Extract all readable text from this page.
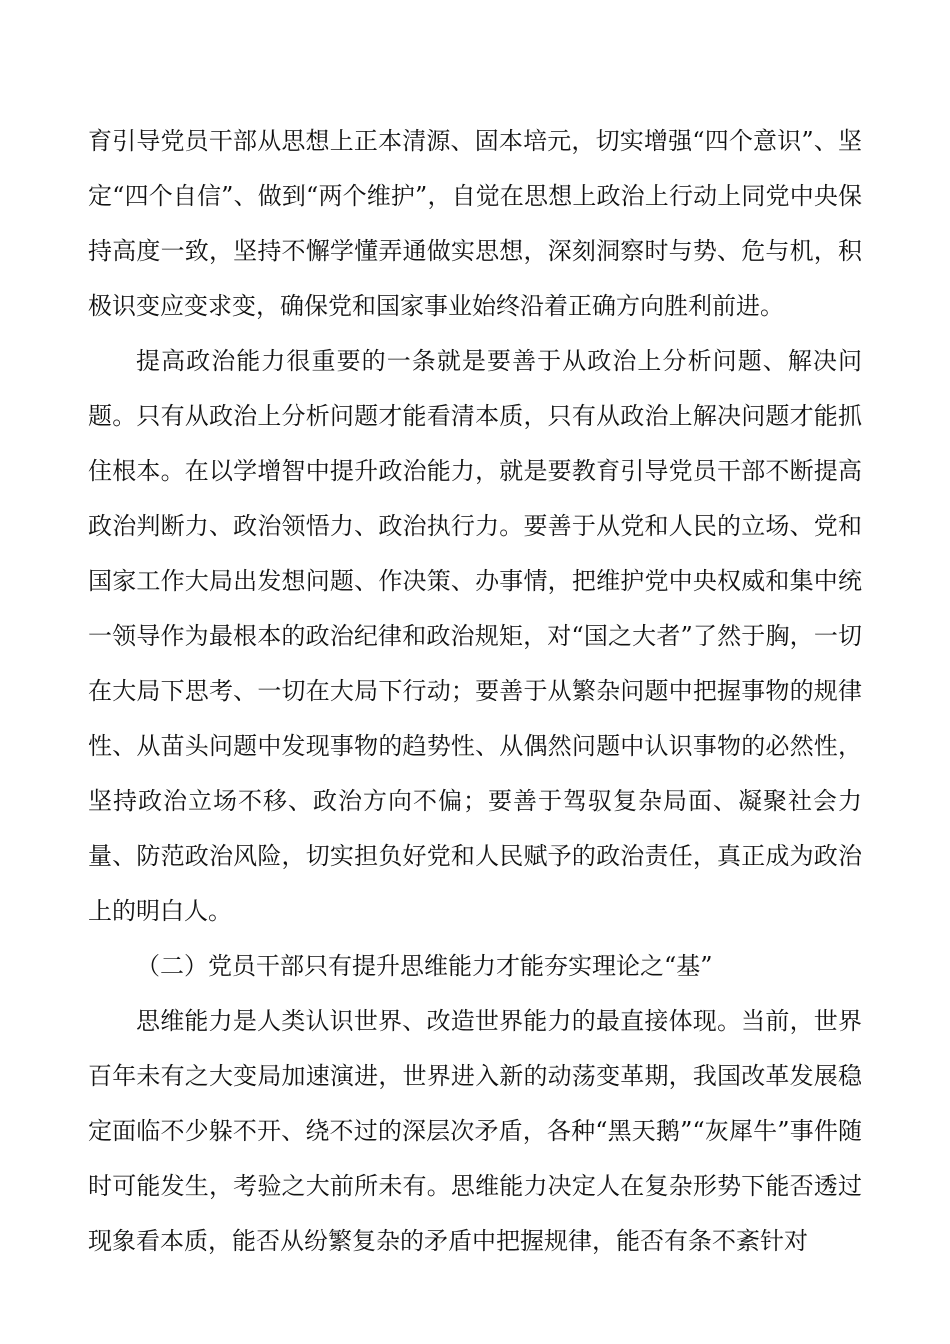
育引导党员干部从思想上正本清源、固本培元，切实增强“四个意识”、坚定“四个自信”、做到“两个维护”，自觉在思想上政治上行动上同党中央保持高度一致，坚持不懈学懂弄通做实思想，深刻洞察时与势、危与机，积极识变应变求变，确保党和国家事业始终沿着正确方向胜利前进。

提高政治能力很重要的一条就是要善于从政治上分析问题、解决问题。只有从政治上分析问题才能看清本质，只有从政治上解决问题才能抓住根本。在以学增智中提升政治能力，就是要教育引导党员干部不断提高政治判断力、政治领悟力、政治执行力。要善于从党和人民的立场、党和国家工作大局出发想问题、作决策、办事情，把维护党中央权威和集中统一领导作为最根本的政治纪律和政治规矩，对“国之大者”了然于胸，一切在大局下思考、一切在大局下行动；要善于从繁杂问题中把握事物的规律性、从苗头问题中发现事物的趋势性、从偶然问题中认识事物的必然性，坚持政治立场不移、政治方向不偏；要善于驾驭复杂局面、凝聚社会力量、防范政治风险，切实担负好党和人民赋予的政治责任，真正成为政治上的明白人。

（二）党员干部只有提升思维能力才能夯实理论之“基”

思维能力是人类认识世界、改造世界能力的最直接体现。当前，世界百年未有之大变局加速演进，世界进入新的动荡变革期，我国改革发展稳定面临不少躲不开、绕不过的深层次矛盾，各种“黑天鹅”“灰犀牛”事件随时可能发生，考验之大前所未有。思维能力决定人在复杂形势下能否透过现象看本质，能否从纷繁复杂的矛盾中把握规律，能否有条不紊针对
